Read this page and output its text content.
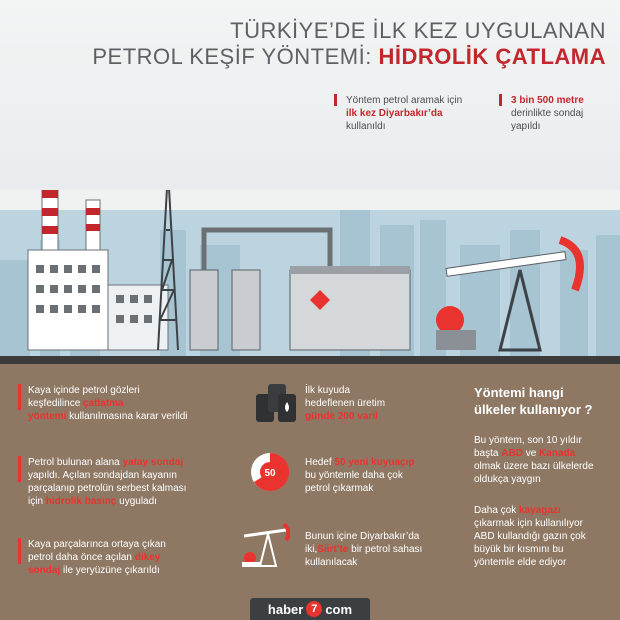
TÜRKİYE’DE İLK KEZ UYGULANAN
PETROL KEŞİF YÖNTEMİ: HİDROLİK ÇATLAMA
Yöntem petrol aramak için
ilk kez Diyarbakır’da
kullanıldı
3 bin 500 metre
derinlikte sondaj
yapıldı
Kaya içinde petrol gözleri
keşfedilince çatlatma
yöntemi kullanılmasına karar verildi
Petrol bulunan alana yatay sondaj
yapıldı. Açılan sondajdan kayanın
parçalanıp petrolün serbest kalması
için hidrolik basınç uyguladı
Kaya parçalarınca ortaya çıkan
petrol daha önce açılan dikey
sondaj ile yeryüzüne çıkarıldı
50
İlk kuyuda
hedeflenen üretim
günde 200 varil
Hedef 50 yeni kuyuaçıp
bu yöntemle daha çok
petrol çıkarmak
Bunun içine Diyarbakır’da
iki,Siirt’te bir petrol sahası
kullanılacak
Yöntemi hangi
ülkeler kullanıyor ?
Bu yöntem, son 10 yıldır
başta ABD ve Kanada
olmak üzere bazı ülkelerde
oldukça yaygın
Daha çok kayagazı
çıkarmak için kullanılıyor
ABD kullandığı gazın çok
büyük bir kısmını bu
yöntemle elde ediyor
haber 7 com
